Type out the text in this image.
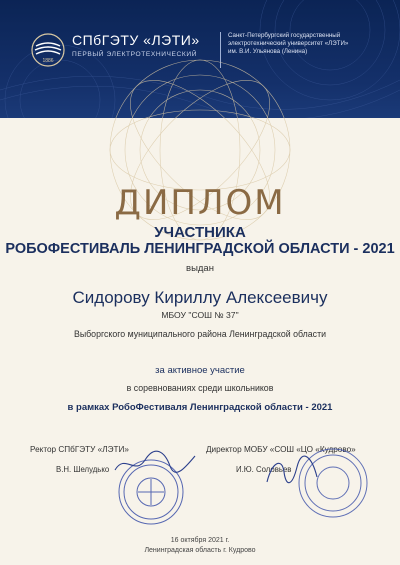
1886
СПбГЭТУ «ЛЭТИ»
ПЕРВЫЙ ЭЛЕКТРОТЕХНИЧЕСКИЙ
Санкт-Петербургский государственный
электротехнический университет «ЛЭТИ»
им. В.И. Ульянова (Ленина)
ДИПЛОМ
УЧАСТНИКА
РОБОФЕСТИВАЛЬ ЛЕНИНГРАДСКОЙ ОБЛАСТИ - 2021
выдан
Сидорову Кириллу Алексеевичу
МБОУ "СОШ № 37"
Выборгского муниципального района Ленинградской области
за активное участие
в соревнованиях среди школьников
в рамках РобоФестиваля Ленинградской области - 2021
Ректор СПбГЭТУ «ЛЭТИ»
В.Н. Шелудько
Директор МОБУ «СОШ «ЦО «Кудрово»
И.Ю. Соловьев
16 октября 2021 г.
Ленинградская область г. Кудрово
